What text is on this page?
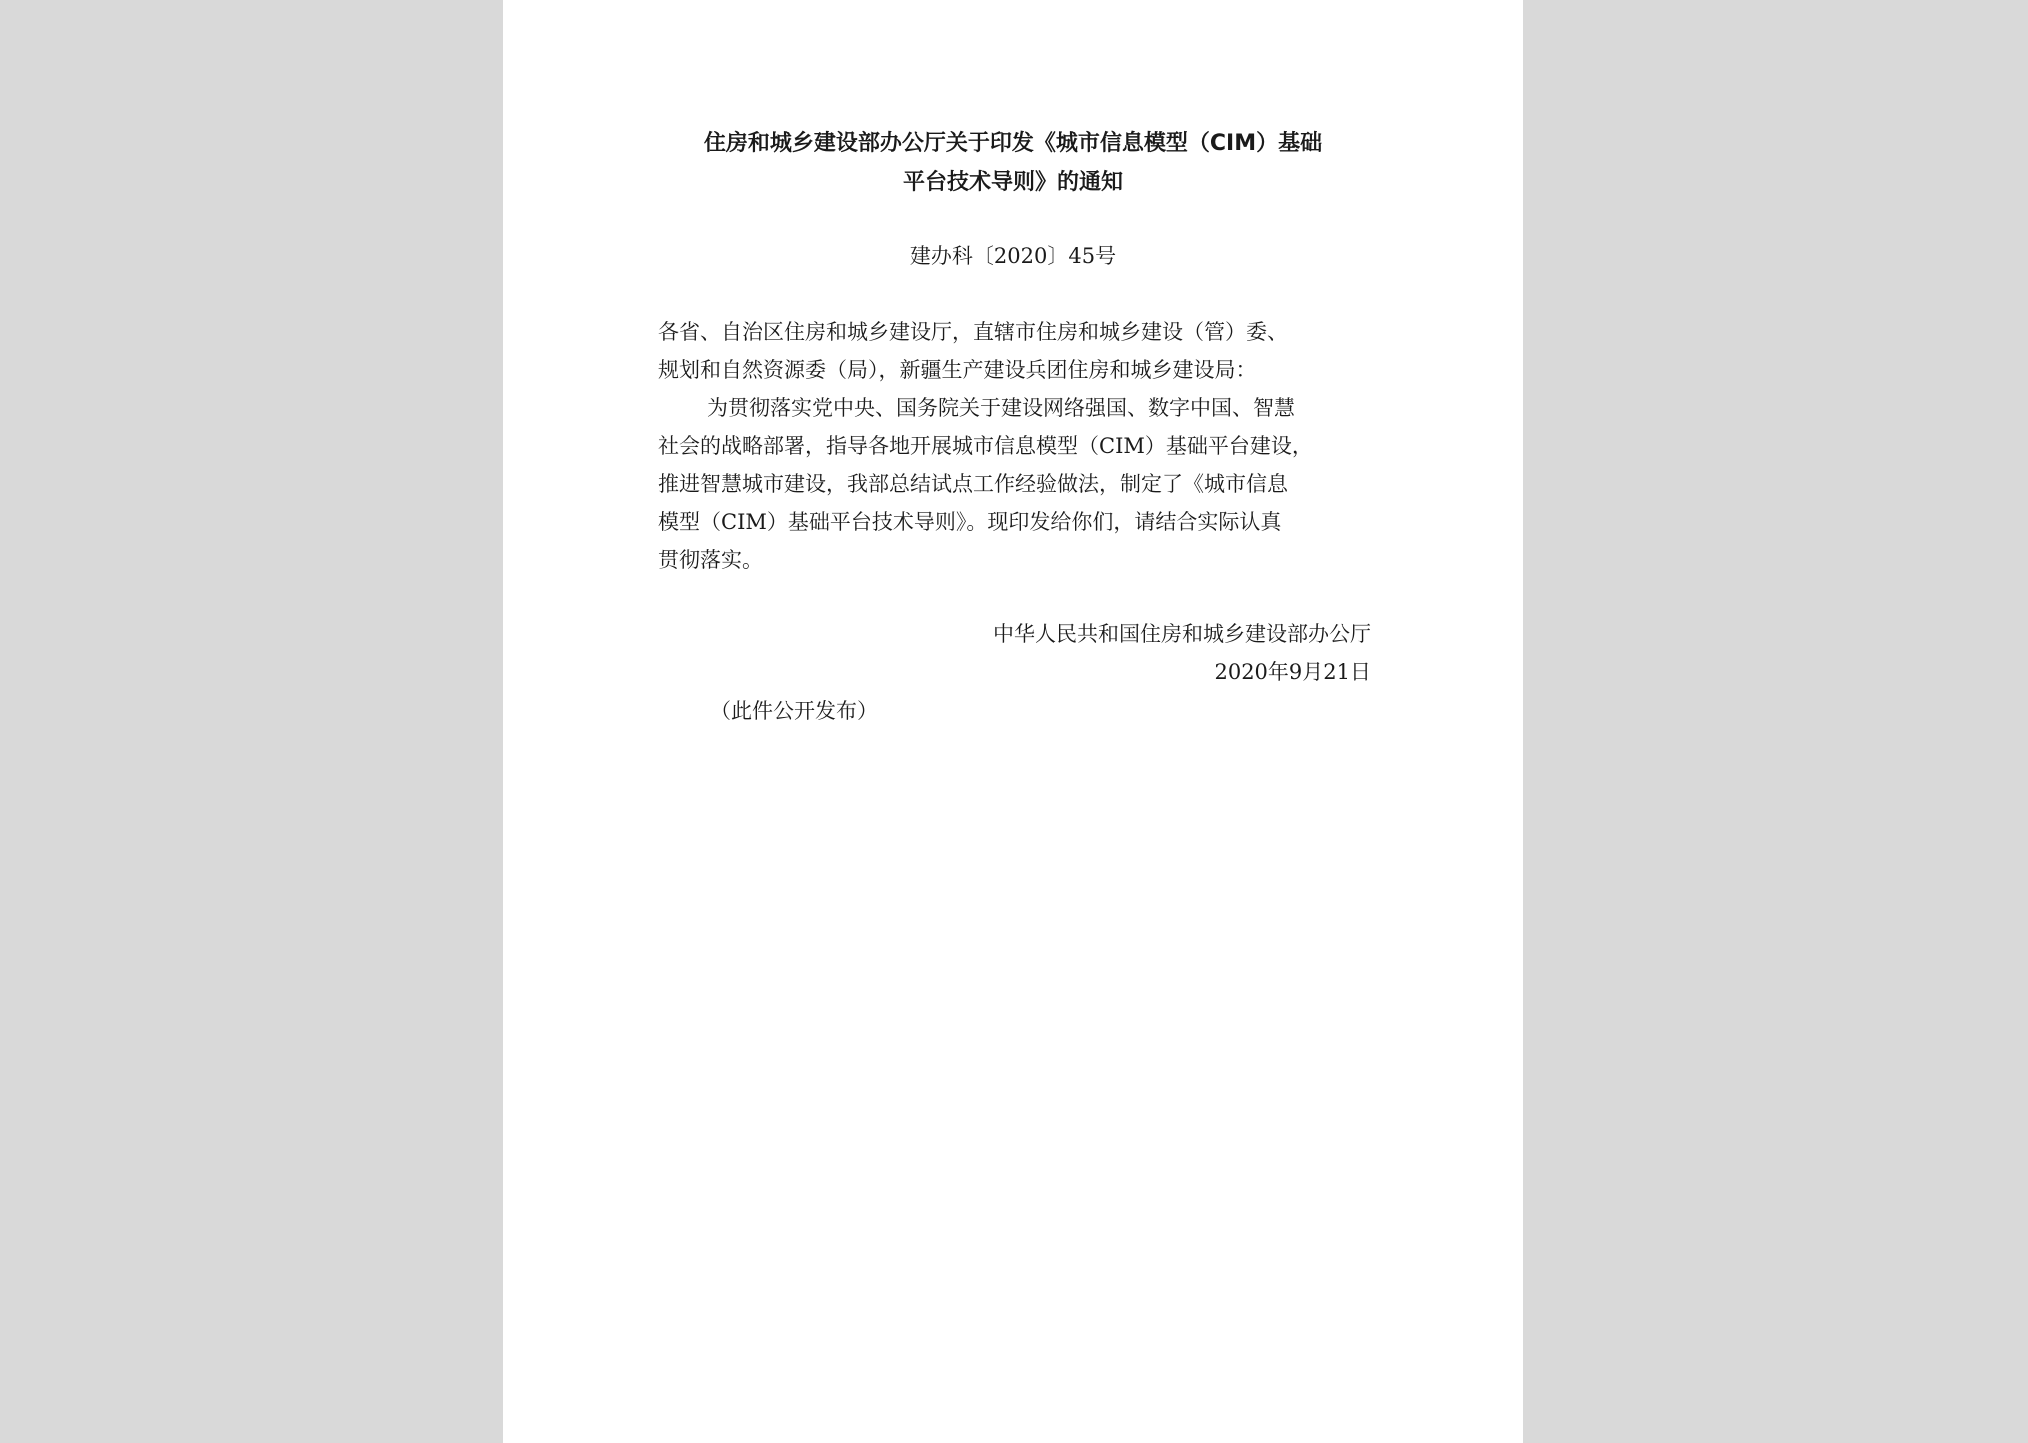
住房和城乡建设部办公厅关于印发《城市信息模型（CIM）基础

平台技术导则》的通知

建办科〔2020〕45号

各省、自治区住房和城乡建设厅，直辖市住房和城乡建设（管）委、

规划和自然资源委（局），新疆生产建设兵团住房和城乡建设局：

为贯彻落实党中央、国务院关于建设网络强国、数字中国、智慧

社会的战略部署，指导各地开展城市信息模型（CIM）基础平台建设，

推进智慧城市建设，我部总结试点工作经验做法，制定了《城市信息

模型（CIM）基础平台技术导则》。现印发给你们，请结合实际认真

贯彻落实。

中华人民共和国住房和城乡建设部办公厅

2020年9月21日

（此件公开发布）
